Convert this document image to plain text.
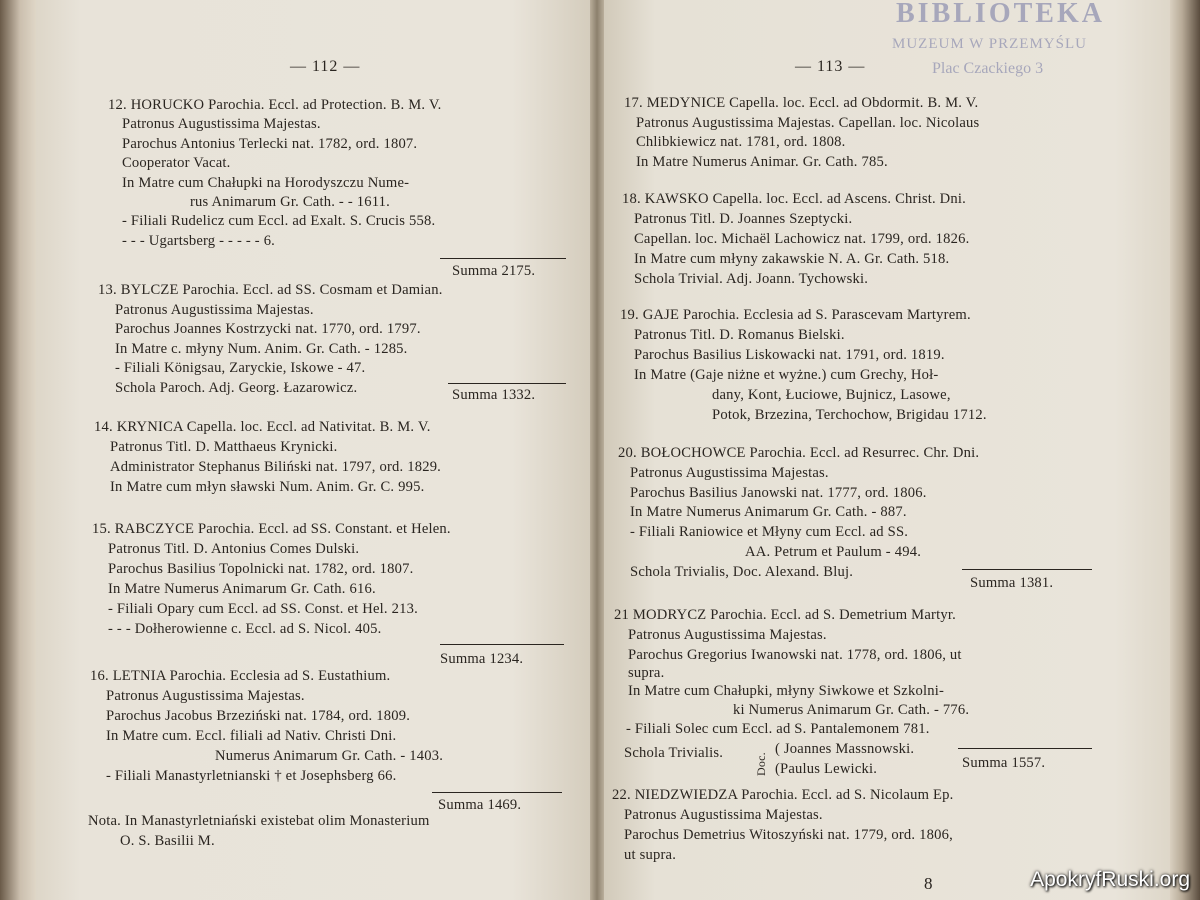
— 112 —	— 113 —
BIBLIOTEKA
MUZEUM W PRZEMYŚLU
Plac Czackiego 3
12. HORUCKO Parochia. Eccl. ad Protection. B. M. V.
Patronus Augustissima Majestas.
Parochus Antonius Terlecki nat. 1782, ord. 1807.
Cooperator Vacat.
In Matre cum Chałupki na Horodyszczu Nume-
rus Animarum Gr. Cath. - - 1611.
- Filiali Rudelicz cum Eccl. ad Exalt. S. Crucis 558.
- - - Ugartsberg - - - - - 6.
Summa 2175.
13. BYLCZE Parochia. Eccl. ad SS. Cosmam et Damian.
Patronus Augustissima Majestas.
Parochus Joannes Kostrzycki nat. 1770, ord. 1797.
In Matre c. młyny Num. Anim. Gr. Cath. - 1285.
- Filiali Königsau, Zaryckie, Iskowe - 47.
Schola Paroch. Adj. Georg. Łazarowicz.	Summa 1332.
14. KRYNICA Capella. loc. Eccl. ad Nativitat. B. M. V.
Patronus Titl. D. Matthaeus Krynicki.
Administrator Stephanus Biliński nat. 1797, ord. 1829.
In Matre cum młyn sławski Num. Anim. Gr. C. 995.
15. RABCZYCE Parochia. Eccl. ad SS. Constant. et Helen.
Patronus Titl. D. Antonius Comes Dulski.
Parochus Basilius Topolnicki nat. 1782, ord. 1807.
In Matre Numerus Animarum Gr. Cath. 616.
- Filiali Opary cum Eccl. ad SS. Const. et Hel. 213.
- - - Dołherowienne c. Eccl. ad S. Nicol. 405.
Summa 1234.
16. LETNIA Parochia. Ecclesia ad S. Eustathium.
Patronus Augustissima Majestas.
Parochus Jacobus Brzeziński nat. 1784, ord. 1809.
In Matre cum. Eccl. filiali ad Nativ. Christi Dni.
Numerus Animarum Gr. Cath. - 1403.
- Filiali Manastyrletnianski † et Josephsberg 66.
Summa 1469.
Nota. In Manastyrletniański existebat olim Monasterium
O. S. Basilii M.
17. MEDYNICE Capella. loc. Eccl. ad Obdormit. B. M. V.
Patronus Augustissima Majestas. Capellan. loc. Nicolaus
Chlibkiewicz nat. 1781, ord. 1808.
In Matre Numerus Animar. Gr. Cath. 785.
18. KAWSKO Capella. loc. Eccl. ad Ascens. Christ. Dni.
Patronus Titl. D. Joannes Szeptycki.
Capellan. loc. Michaël Lachowicz nat. 1799, ord. 1826.
In Matre cum młyny zakawskie N. A. Gr. Cath. 518.
Schola Trivial. Adj. Joann. Tychowski.
19. GAJE Parochia. Ecclesia ad S. Parascevam Martyrem.
Patronus Titl. D. Romanus Bielski.
Parochus Basilius Liskowacki nat. 1791, ord. 1819.
In Matre (Gaje niżne et wyżne.) cum Grechy, Hoł-
dany, Kont, Łuciowe, Bujnicz, Lasowe,
Potok, Brzezina, Terchochow, Brigidau 1712.
20. BOŁOCHOWCE Parochia. Eccl. ad Resurrec. Chr. Dni.
Patronus Augustissima Majestas.
Parochus Basilius Janowski nat. 1777, ord. 1806.
In Matre Numerus Animarum Gr. Cath. - 887.
- Filiali Raniowice et Młyny cum Eccl. ad SS.
AA. Petrum et Paulum - 494.
Schola Trivialis, Doc. Alexand. Bluj.
Summa 1381.
21 MODRYCZ Parochia. Eccl. ad S. Demetrium Martyr.
Patronus Augustissima Majestas.
Parochus Gregorius Iwanowski nat. 1778, ord. 1806, ut
supra.
In Matre cum Chałupki, młyny Siwkowe et Szkolni-
ki Numerus Animarum Gr. Cath. - 776.
- Filiali Solec cum Eccl. ad S. Pantalemonem 781.
Schola Trivialis.	Doc.
( Joannes Massnowski.
(Paulus Lewicki.	Summa 1557.
22. NIEDZWIEDZA Parochia. Eccl. ad S. Nicolaum Ep.
Patronus Augustissima Majestas.
Parochus Demetrius Witoszyński nat. 1779, ord. 1806,
ut supra.
8	ApokryfRuski.org
